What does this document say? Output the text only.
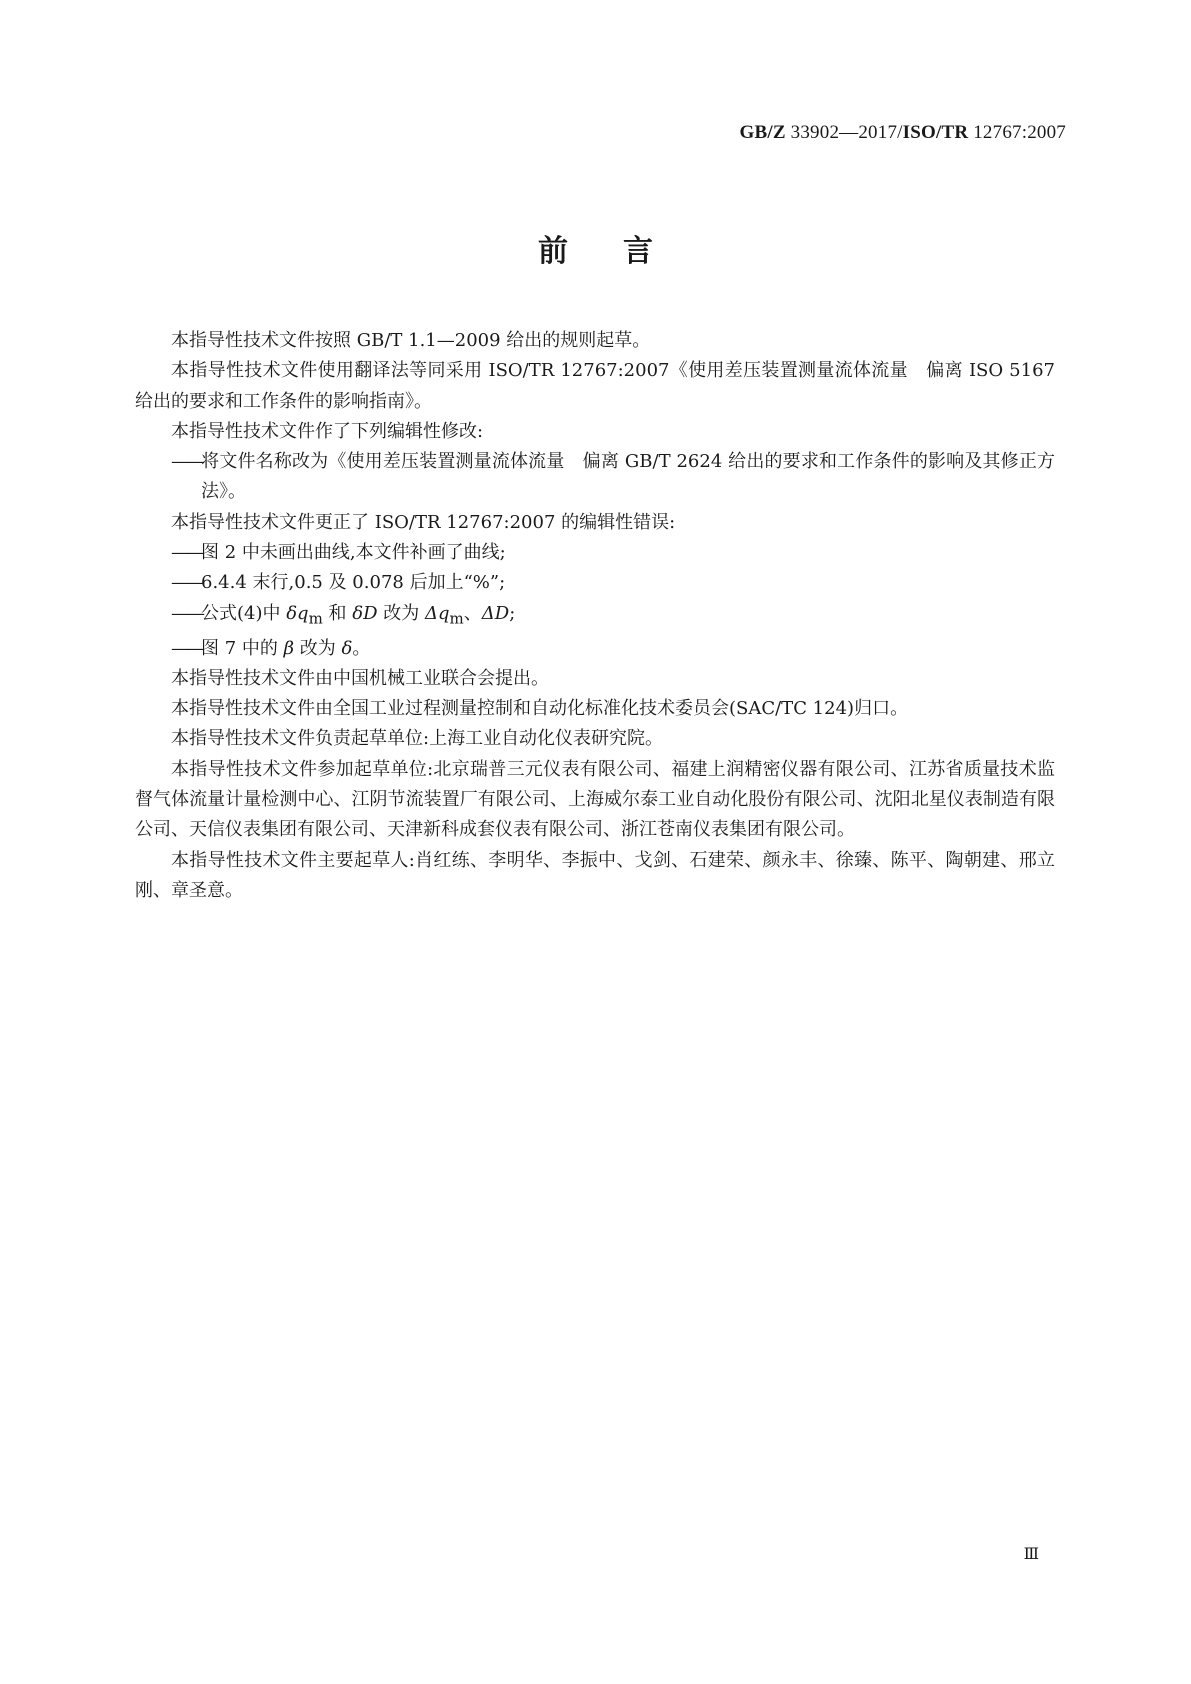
GB/Z 33902—2017/ISO/TR 12767:2007
前言

本指导性技术文件按照 GB/T 1.1—2009 给出的规则起草。

本指导性技术文件使用翻译法等同采用 ISO/TR 12767:2007《使用差压装置测量流体流量　偏离 ISO 5167 给出的要求和工作条件的影响指南》。

本指导性技术文件作了下列编辑性修改:

——将文件名称改为《使用差压装置测量流体流量　偏离 GB/T 2624 给出的要求和工作条件的影响及其修正方法》。

本指导性技术文件更正了 ISO/TR 12767:2007 的编辑性错误:

——图 2 中未画出曲线,本文件补画了曲线;

——6.4.4 末行,0.5 及 0.078 后加上“%”;

——公式(4)中 $\delta q_m$ 和 δD 改为 $\Delta q_m$、ΔD;

——图 7 中的 β 改为 δ。

本指导性技术文件由中国机械工业联合会提出。

本指导性技术文件由全国工业过程测量控制和自动化标准化技术委员会(SAC/TC 124)归口。

本指导性技术文件负责起草单位:上海工业自动化仪表研究院。

本指导性技术文件参加起草单位:北京瑞普三元仪表有限公司、福建上润精密仪器有限公司、江苏省质量技术监督气体流量计量检测中心、江阴节流装置厂有限公司、上海威尔泰工业自动化股份有限公司、沈阳北星仪表制造有限公司、天信仪表集团有限公司、天津新科成套仪表有限公司、浙江苍南仪表集团有限公司。

本指导性技术文件主要起草人:肖红练、李明华、李振中、戈剑、石建荣、颜永丰、徐臻、陈平、陶朝建、邢立刚、章圣意。

Ⅲ
